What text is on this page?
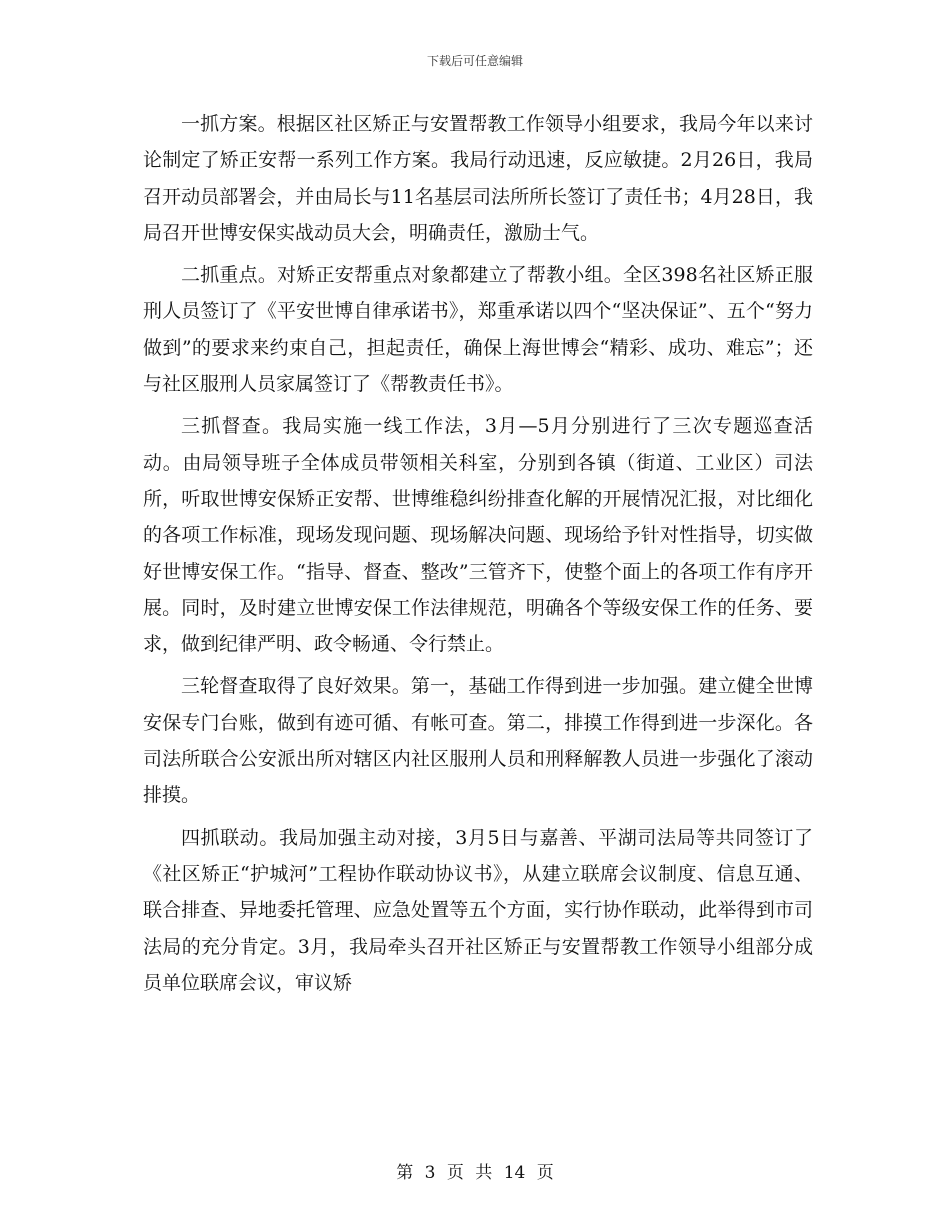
下载后可任意编辑

一抓方案。根据区社区矫正与安置帮教工作领导小组要求，我局今年以来讨论制定了矫正安帮一系列工作方案。我局行动迅速，反应敏捷。2月26日，我局召开动员部署会，并由局长与11名基层司法所所长签订了责任书；4月28日，我局召开世博安保实战动员大会，明确责任，激励士气。

二抓重点。对矫正安帮重点对象都建立了帮教小组。全区398名社区矫正服刑人员签订了《平安世博自律承诺书》，郑重承诺以四个“坚决保证”、五个“努力做到”的要求来约束自己，担起责任，确保上海世博会“精彩、成功、难忘”；还与社区服刑人员家属签订了《帮教责任书》。

三抓督查。我局实施一线工作法，3月—5月分别进行了三次专题巡查活动。由局领导班子全体成员带领相关科室，分别到各镇（街道、工业区）司法所，听取世博安保矫正安帮、世博维稳纠纷排查化解的开展情况汇报，对比细化的各项工作标准，现场发现问题、现场解决问题、现场给予针对性指导，切实做好世博安保工作。“指导、督查、整改”三管齐下，使整个面上的各项工作有序开展。同时，及时建立世博安保工作法律规范，明确各个等级安保工作的任务、要求，做到纪律严明、政令畅通、令行禁止。

三轮督查取得了良好效果。第一，基础工作得到进一步加强。建立健全世博安保专门台账，做到有迹可循、有帐可查。第二，排摸工作得到进一步深化。各司法所联合公安派出所对辖区内社区服刑人员和刑释解教人员进一步强化了滚动排摸。

四抓联动。我局加强主动对接，3月5日与嘉善、平湖司法局等共同签订了《社区矫正“护城河”工程协作联动协议书》，从建立联席会议制度、信息互通、联合排查、异地委托管理、应急处置等五个方面，实行协作联动，此举得到市司法局的充分肯定。3月，我局牵头召开社区矫正与安置帮教工作领导小组部分成员单位联席会议，审议矫

第 3 页 共 14 页
